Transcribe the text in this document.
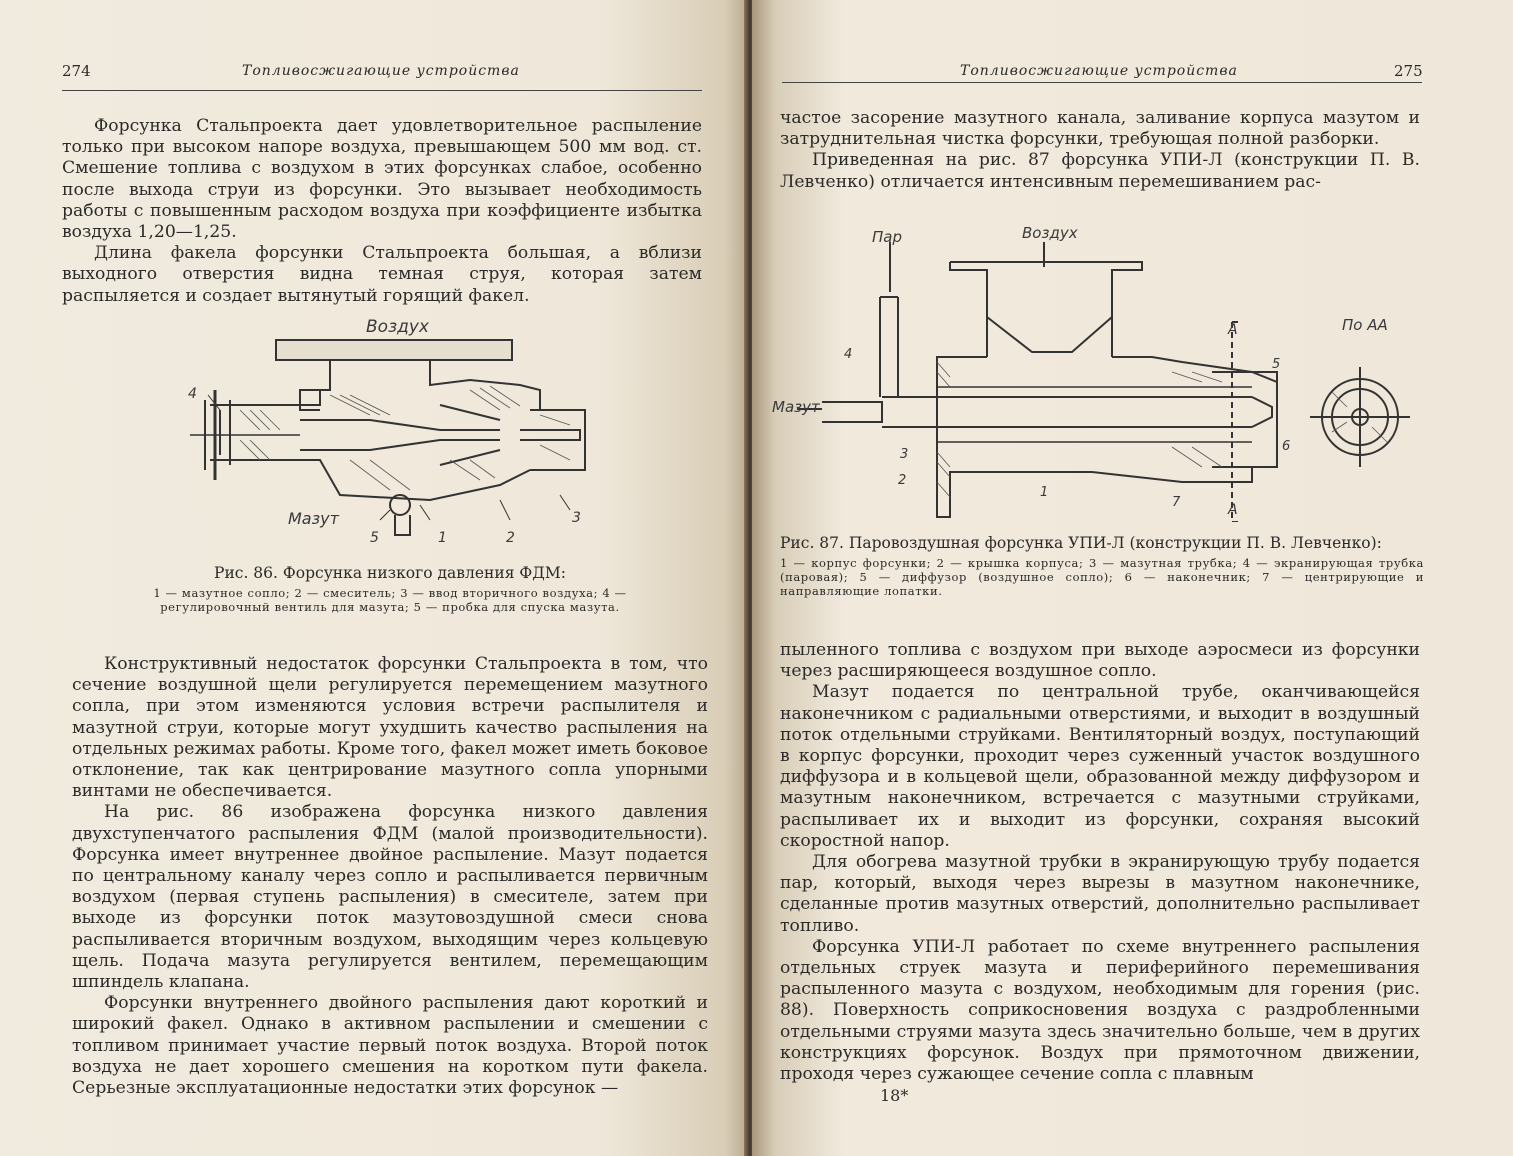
274	Топливосжигающие устройства

Форсунка Стальпроекта дает удовлетворительное распыление только при высоком напоре воздуха, превышающем 500 мм вод. ст. Смешение топлива с воздухом в этих форсунках слабое, особенно после выхода струи из форсунки. Это вызывает необходимость работы с повышенным расходом воздуха при коэффициенте избытка воздуха 1,20—1,25.

Длина факела форсунки Стальпроекта большая, а вблизи выходного отверстия видна темная струя, которая затем распыляется и создает вытянутый горящий факел.

Воздух
Мазут
4
5	1	2
3
Рис. 86. Форсунка низкого давления ФДМ:
1 — мазутное сопло; 2 — смеситель; 3 — ввод вторичного воздуха; 4 — регулировочный вентиль для мазута; 5 — пробка для спуска мазута.

Конструктивный недостаток форсунки Стальпроекта в том, что сечение воздушной щели регулируется перемещением мазутного сопла, при этом изменяются условия встречи распылителя и мазутной струи, которые могут ухудшить качество распыления на отдельных режимах работы. Кроме того, факел может иметь боковое отклонение, так как центрирование мазутного сопла упорными винтами не обеспечивается.

На рис. 86 изображена форсунка низкого давления двухступенчатого распыления ФДМ (малой производительности). Форсунка имеет внутреннее двойное распыление. Мазут подается по центральному каналу через сопло и распыливается первичным воздухом (первая ступень распыления) в смесителе, затем при выходе из форсунки поток мазутовоздушной смеси снова распыливается вторичным воздухом, выходящим через кольцевую щель. Подача мазута регулируется вентилем, перемещающим шпиндель клапана.

Форсунки внутреннего двойного распыления дают короткий и широкий факел. Однако в активном распылении и смешении с топливом принимает участие первый поток воздуха. Второй поток воздуха не дает хорошего смешения на коротком пути факела. Серьезные эксплуатационные недостатки этих форсунок —

Топливосжигающие устройства	275

частое засорение мазутного канала, заливание корпуса мазутом и затруднительная чистка форсунки, требующая полной разборки.

Приведенная на рис. 87 форсунка УПИ-Л (конструкции П. В. Левченко) отличается интенсивным перемешиванием рас-

Пар	Воздух
Мазут
По АА
А
А
4
3
2
1
7
5
6
Рис. 87. Паровоздушная форсунка УПИ-Л (конструкции П. В. Левченко):
1 — корпус форсунки; 2 — крышка корпуса; 3 — мазутная трубка; 4 — экранирующая трубка (паровая); 5 — диффузор (воздушное сопло); 6 — наконечник; 7 — центрирующие и направляющие лопатки.

пыленного топлива с воздухом при выходе аэросмеси из форсунки через расширяющееся воздушное сопло.

Мазут подается по центральной трубе, оканчивающейся наконечником с радиальными отверстиями, и выходит в воздушный поток отдельными струйками. Вентиляторный воздух, поступающий в корпус форсунки, проходит через суженный участок воздушного диффузора и в кольцевой щели, образованной между диффузором и мазутным наконечником, встречается с мазутными струйками, распыливает их и выходит из форсунки, сохраняя высокий скоростной напор.

Для обогрева мазутной трубки в экранирующую трубу подается пар, который, выходя через вырезы в мазутном наконечнике, сделанные против мазутных отверстий, дополнительно распыливает топливо.

Форсунка УПИ-Л работает по схеме внутреннего распыления отдельных струек мазута и периферийного перемешивания распыленного мазута с воздухом, необходимым для горения (рис. 88). Поверхность соприкосновения воздуха с раздробленными отдельными струями мазута здесь значительно больше, чем в других конструкциях форсунок. Воздух при прямоточном движении, проходя через сужающее сечение сопла с плавным

18*
